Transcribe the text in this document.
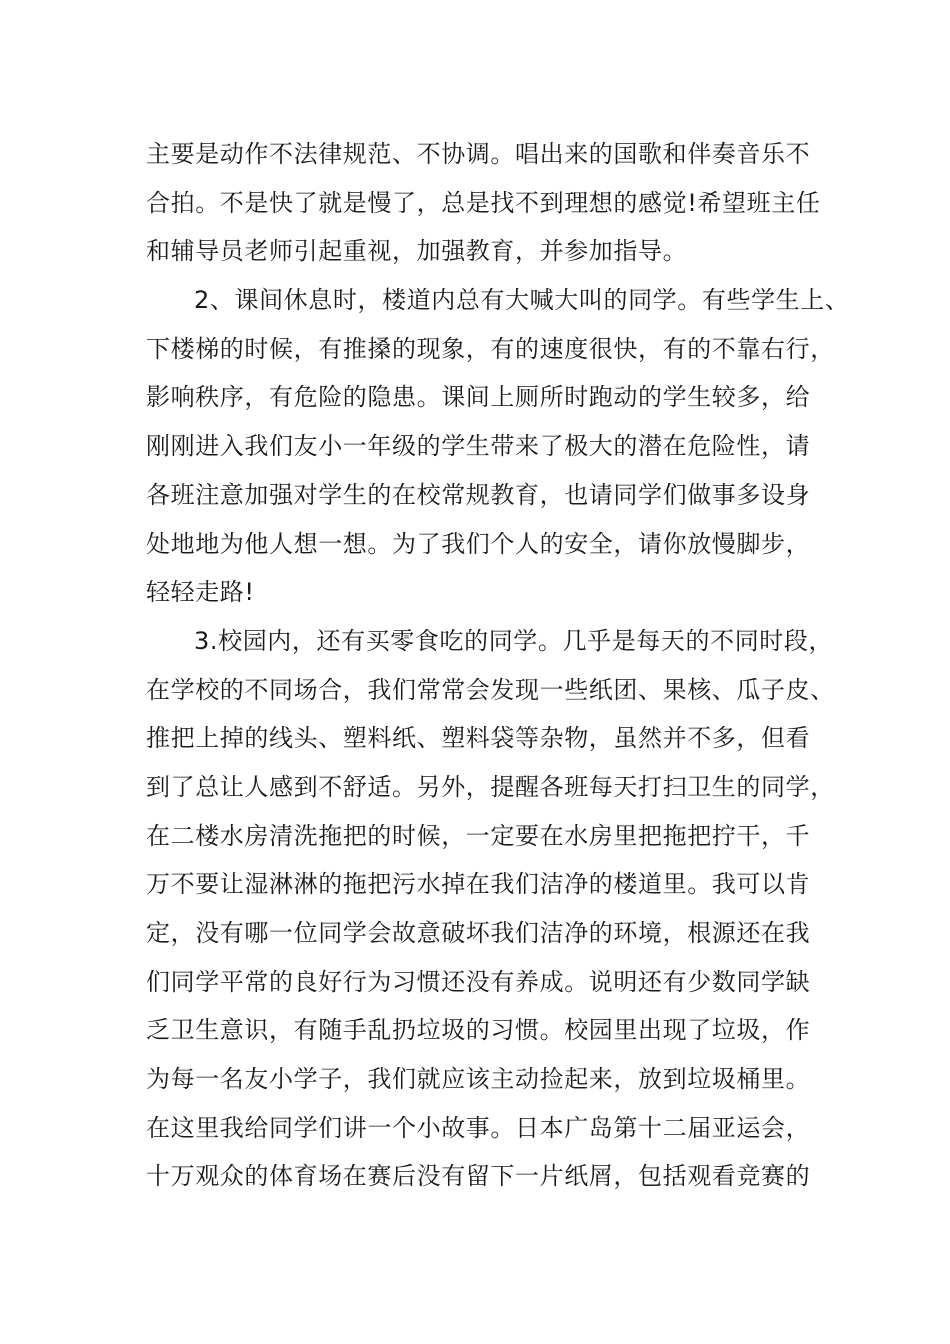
主要是动作不法律规范、不协调。唱出来的国歌和伴奏音乐不
合拍。不是快了就是慢了，总是找不到理想的感觉!希望班主任
和辅导员老师引起重视，加强教育，并参加指导。
2、课间休息时，楼道内总有大喊大叫的同学。有些学生上、
下楼梯的时候，有推搡的现象，有的速度很快，有的不靠右行，
影响秩序，有危险的隐患。课间上厕所时跑动的学生较多，给
刚刚进入我们友小一年级的学生带来了极大的潜在危险性，请
各班注意加强对学生的在校常规教育，也请同学们做事多设身
处地地为他人想一想。为了我们个人的安全，请你放慢脚步，
轻轻走路!
3.校园内，还有买零食吃的同学。几乎是每天的不同时段，
在学校的不同场合，我们常常会发现一些纸团、果核、瓜子皮、
推把上掉的线头、塑料纸、塑料袋等杂物，虽然并不多，但看
到了总让人感到不舒适。另外，提醒各班每天打扫卫生的同学，
在二楼水房清洗拖把的时候，一定要在水房里把拖把拧干，千
万不要让湿淋淋的拖把污水掉在我们洁净的楼道里。我可以肯
定，没有哪一位同学会故意破坏我们洁净的环境，根源还在我
们同学平常的良好行为习惯还没有养成。说明还有少数同学缺
乏卫生意识，有随手乱扔垃圾的习惯。校园里出现了垃圾，作
为每一名友小学子，我们就应该主动捡起来，放到垃圾桶里。
在这里我给同学们讲一个小故事。日本广岛第十二届亚运会，
十万观众的体育场在赛后没有留下一片纸屑，包括观看竞赛的
